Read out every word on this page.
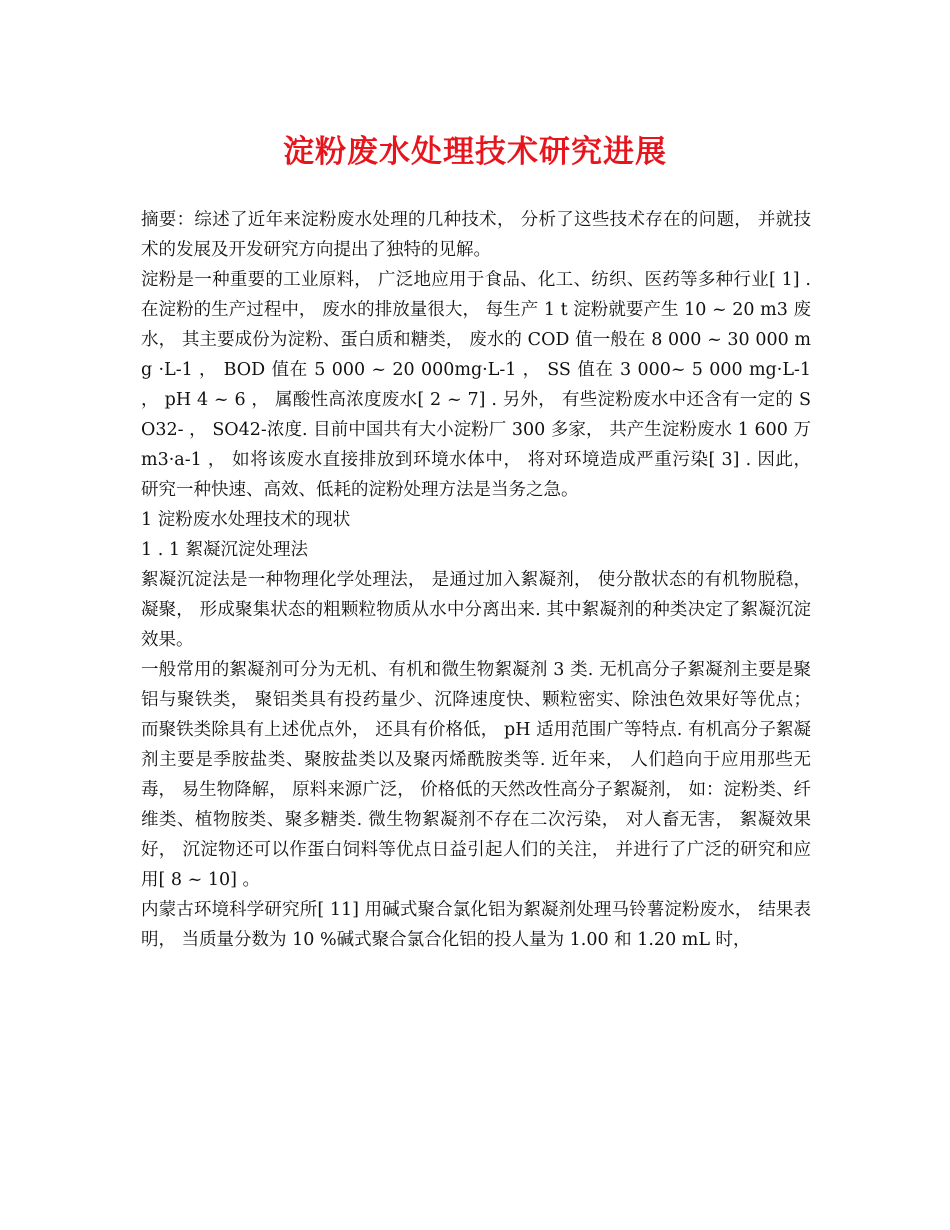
淀粉废水处理技术研究进展

摘要：综述了近年来淀粉废水处理的几种技术， 分析了这些技术存在的问题， 并就技术的发展及开发研究方向提出了独特的见解。

淀粉是一种重要的工业原料， 广泛地应用于食品、化工、纺织、医药等多种行业[ 1] . 在淀粉的生产过程中， 废水的排放量很大， 每生产 1 t 淀粉就要产生 10 ~ 20 m3 废水， 其主要成份为淀粉、蛋白质和糖类， 废水的 COD 值一般在 8 000 ~ 30 000 mg ·L-1 ， BOD 值在 5 000 ~ 20 000mg·L-1 ， SS 值在 3 000~ 5 000 mg·L-1 ， pH 4 ~ 6 ， 属酸性高浓度废水[ 2 ~ 7] . 另外， 有些淀粉废水中还含有一定的 SO32- ， SO42-浓度. 目前中国共有大小淀粉厂 300 多家， 共产生淀粉废水 1 600 万 m3·a-1 ， 如将该废水直接排放到环境水体中， 将对环境造成严重污染[ 3] . 因此， 研究一种快速、高效、低耗的淀粉处理方法是当务之急。

1 淀粉废水处理技术的现状

1 . 1 絮凝沉淀处理法

絮凝沉淀法是一种物理化学处理法， 是通过加入絮凝剂， 使分散状态的有机物脱稳， 凝聚， 形成聚集状态的粗颗粒物质从水中分离出来. 其中絮凝剂的种类决定了絮凝沉淀效果。

一般常用的絮凝剂可分为无机、有机和微生物絮凝剂 3 类. 无机高分子絮凝剂主要是聚铝与聚铁类， 聚铝类具有投药量少、沉降速度快、颗粒密实、除浊色效果好等优点；而聚铁类除具有上述优点外， 还具有价格低， pH 适用范围广等特点. 有机高分子絮凝剂主要是季胺盐类、聚胺盐类以及聚丙烯酰胺类等. 近年来， 人们趋向于应用那些无毒， 易生物降解， 原料来源广泛， 价格低的天然改性高分子絮凝剂， 如：淀粉类、纤维类、植物胺类、聚多糖类. 微生物絮凝剂不存在二次污染， 对人畜无害， 絮凝效果好， 沉淀物还可以作蛋白饲料等优点日益引起人们的关注， 并进行了广泛的研究和应用[ 8 ~ 10] 。

内蒙古环境科学研究所[ 11] 用碱式聚合氯化铝为絮凝剂处理马铃薯淀粉废水， 结果表明， 当质量分数为 10 %碱式聚合氯合化铝的投人量为 1.00 和 1.20 mL 时，
